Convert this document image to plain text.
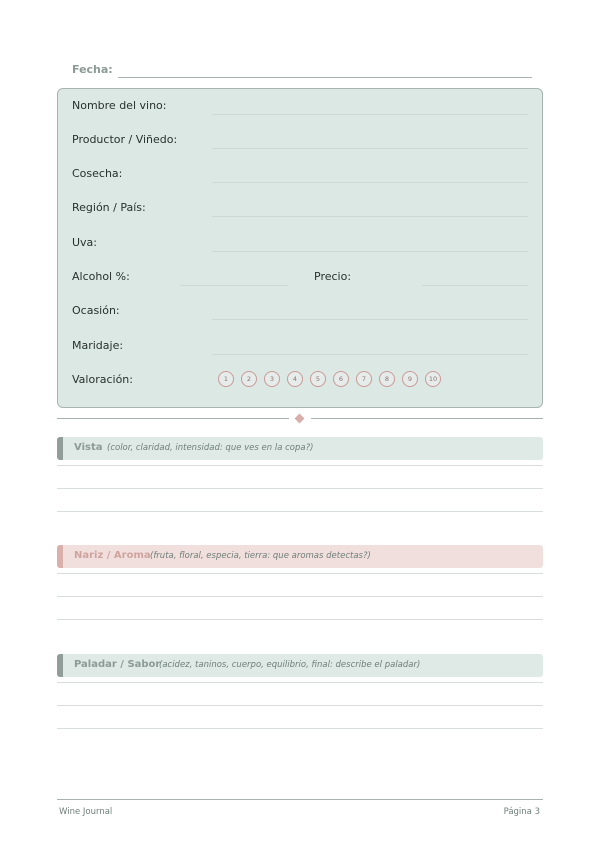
Fecha:
Nombre del vino:
Productor / Viñedo:
Cosecha:
Región / País:
Uva:
Alcohol %:	Precio:
Ocasión:
Maridaje:
Valoración:	1	2	3	4	5	6	7	8	9	10
Vista (color, claridad, intensidad: que ves en la copa?)
Nariz / Aroma (fruta, floral, especia, tierra: que aromas detectas?)
Paladar / Sabor
(acidez, taninos, cuerpo, equilibrio, final: describe el paladar)
Wine Journal	Página 3
